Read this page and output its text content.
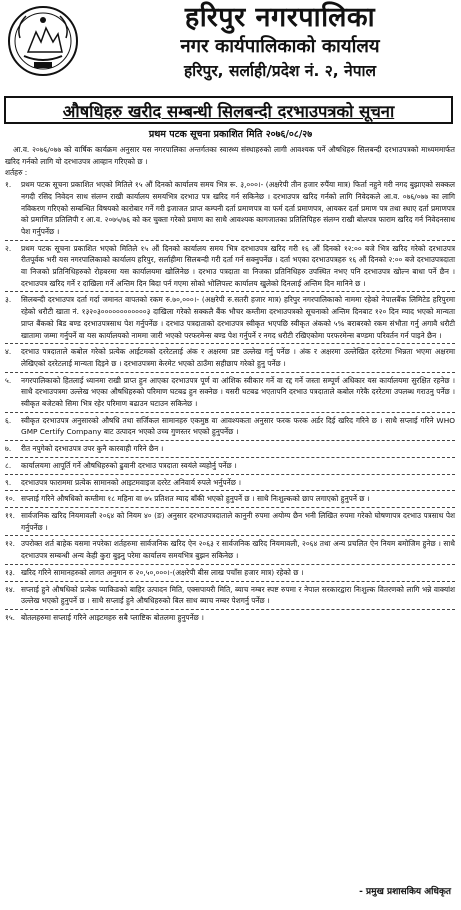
हरिपुर नगरपालिका
नगर कार्यपालिकाको कार्यालय
हरिपुर, सर्लाही/प्रदेश नं. २, नेपाल
औषधिहरु खरीद सम्बन्धी सिलबन्दी दरभाउपत्रको सूचना
प्रथम पटक सूचना प्रकाशित मिति २०७६/०८/२७

आ.व. २०७६/०७७ को वार्षिक कार्यक्रम अनुसार यस नगरपालिका अन्तर्गतका स्वास्थ्य संस्थाहरुको लागी आवश्यक पर्ने औषधिहरु सिलबन्दी दरभाउपत्रको माध्यममार्फत खरिद गर्नको लागि यो दरभाउपत्र आव्हान गरिएको छ ।

शर्तहरु :

१.	प्रथम पटक सूचना प्रकाशित भएको मितिले १५ औं दिनको कार्यालय समय भित्र रू. ३,०००।- (अक्षरेपी तीन हजार रुपैंया मात्र) फिर्ता नहुने गरी नगद बुझाएको सक्कल नगदी रसिद निवेदन साथ संलग्न राखी कार्यालय समयभित्र दरभाउ पत्र खरिद गर्न सकिनेछ । दरभाउपत्र खरिद गर्नको लागि निवेदकले आ.व. ०७६/०७७ का लागि नविकरण गरिएको सम्बन्धित विषयको कारोबार गर्ने गरी इजाजत प्राप्त कम्पनी दर्ता प्रमाणपत्र वा फर्म दर्ता प्रमाणपत्र, आयकर दर्ता प्रमाण पत्र तथा स्थाए दर्ता प्रमाणपत्र को प्रमाणित प्रतिलिपी र आ.व. २०७५/७६ को कर चुक्ता गरेको प्रमाण का साथै आवश्यक कागजातका प्रतिलिपिहरु संलग्न राखी बोलपत्र फाराम खरिद गर्न निवेदनसाथ पेश गर्नुपर्नेछ ।
२.	प्रथम पटक सूचना प्रकाशित भएको मितिले १५ औं दिनको कार्यालय समय भित्र दरभाउपत्र खरिद गरी १६ औं दिनको १२:०० बजे भित्र खरिद गरेको दरभाउपत्र रीतपूर्वक भरी यस नगरपालिकाको कार्यालय हरिपुर, सर्लाहीमा सिलबन्दी गरी दर्ता गर्न सक्नुपर्नेछ । दर्ता भएका दरभाउपत्रहरु १६ औं दिनको २:०० बजे दरभाउपत्रदाता वा निजको प्रतिनिधिहरुको रोहबरमा यस कार्यालयमा खोलिनेछ । दरभाउ पत्रदाता वा निजका प्रतिनिधिहरु उपस्थित नभए पनि दरभाउपत्र खोल्न बाधा पर्ने छैन । दरभाउपत्र खरिद गर्ने र दाखिला गर्ने अन्तिम दिन बिदा पर्न गएमा सोको भोलिपल्ट कार्यालय खुलेको दिनलाई अन्तिम दिन मानिने छ ।
३.	सिलबन्दी दरभाउपत्र दर्ता गर्दा जमानत वापतको रकम रु.७०,०००।- (अक्षरेपी रु.सतरी हजार मात्र) हरिपुर नगरपालिकाको नाममा रहेको नेपालबैंक लिमिटेड हरिपुरमा रहेको धरौटी खाता नं. १३२०३००००००००००००३ दाखिला गरेको सक्कलै बैंक भौचर कम्तीमा दरभाउपत्रको सूचनाको अन्तिम दिनबाट १२० दिन म्याद भएको मान्यता प्राप्त बैंकको बिड बण्ड दरभाउपत्रसाथ पेश गर्नुपर्नेछ । दरभाउ पत्रदाताको दरभाउपत्र स्वीकृत भएपछि स्वीकृत अंकको ५% बराबरको रकम संभौता गर्नु अगावै धरौटी खातामा जम्मा गर्नुपर्ने वा यस कार्यालयको नाममा जारी भएको परफरमेन्स बण्ड पेश गर्नुपर्ने र नगद धरौटी रखिएकोमा परफरमेन्स बण्डमा परिवर्तन गर्न पाइने छैन ।
४.	दरभाउ पत्रदाताले कबोल गरेको प्रत्येक आईटमको दररेटलाई अंक र अक्षरमा प्रष्ट उल्लेख गर्नु पर्नेछ । अंक र अक्षरमा उल्लेखित दररेटमा भिन्नता भएमा अक्षरमा लेखिएको दररेटलाई मान्यता दिइने छ । दरभाउपत्रमा केरमेट भएको ठाउँमा सहीछाप गरेको हुनु पर्नेछ ।
५.	नगरपालिकाको हितलाई ध्यानमा राखी प्राप्त हुन आएका दरभाउपत्र पूर्ण वा आंशिक स्वीकार गर्ने वा रद्द गर्ने जस्ता सम्पूर्ण अधिकार यस कार्यालयमा सुरक्षित रहनेछ । साथै दरभाउपत्रमा उल्लेख भएका औषधिहरुको परिमाण घटबढ हुन सक्नेछ । यसरी घटबढ भएतापनि दरभाउ पत्रदाताले कबोल गरेकै दररेटमा उपलब्ध गराउनु पर्नेछ । स्वीकृत बजेटको सिमा भित्र रहेर परिमाण बढाउन घटाउन सकिनेछ ।
६.	स्वीकृत दरभाउपत्र अनुसारको औषधि तथा सर्जिकल सामानहरु एकमुष्ठ वा आवश्यकता अनुसार फरक फरक अर्डर दिई खरिद गरिने छ । साथै सप्लाई गरिने WHO GMP Certify Company बाट उत्पादन भएको उच्च गुणस्तर भएको हुनुपर्नेछ ।
७.	रीत नपुगेको दरभाउपत्र उपर कुनै कारवाही गरिने छैन ।
८.	कार्यालयमा आपूर्ति गर्ने औषधिहरुको ढुवानी दरभाउ पत्रदाता स्वयंले व्यहोर्नु पर्नेछ ।
९.	दरभाउपत्र फाराममा प्रत्येक सामानको आइटमवाइज दररेट अनिवार्य रुपले भर्नुपर्नेछ ।
१०. सप्लाई गरिने औषधिको कम्तीमा १८ महिना वा ७५ प्रतिशत म्याद बाँकी भएको हुनुपर्ने छ । साथै निःशुल्कको छाप लगाएको हुनुपर्ने छ ।
११. सार्वजनिक खरिद नियमावली २०६४ को नियम ४० (ङ) अनुसार दरभाउपत्रदाताले कानुनी रुपमा अयोग्य छैन भनी लिखित रुपमा गरेको घोषणापत्र दरभाउ पत्रसाथ पेश गर्नुपर्नेछ ।
१२. उपरोक्त शर्त बाहेक यसमा नपरेका शर्तहरुमा सार्वजनिक खरिद ऐन २०६३ र सार्वजनिक खरिद नियमावली, २०६४ तथा अन्य प्रचलित ऐन नियम बमोजिम हुनेछ । साथै दरभाउपत्र सम्बन्धी अन्य केही कुरा बुझ्नु परेमा कार्यालय समयभित्र बुझन सकिनेछ ।
१३. खरिद गरिने सामानहरुको लागत अनुमान रु २०,५०,०००।-(अक्षरेपी बीस लाख पचाँस हजार मात्र) रहेको छ ।
१४. सप्लाई हुने औषधिको प्रत्येक प्याकिङको बाहिर उत्पादन मिति, एक्सपायरी मिति, ब्याच नम्बर स्पष्ट रुपमा र नेपाल सरकारद्वारा निःशुल्क वितरणको लागि भन्ने वाक्यांश उल्लेख भएको हुनुपर्ने छ । साथै सप्लाई हुने औषधिहरुको बिल साथ ब्याच नम्बर पेशगर्नु पर्नेछ ।
१५. बोतलहरुमा सप्लाई गरिने आइटमहरु सबै प्लाष्टिक बोतलमा हुनुपर्नेछ ।
- प्रमुख प्रशासकिय अधिकृत
